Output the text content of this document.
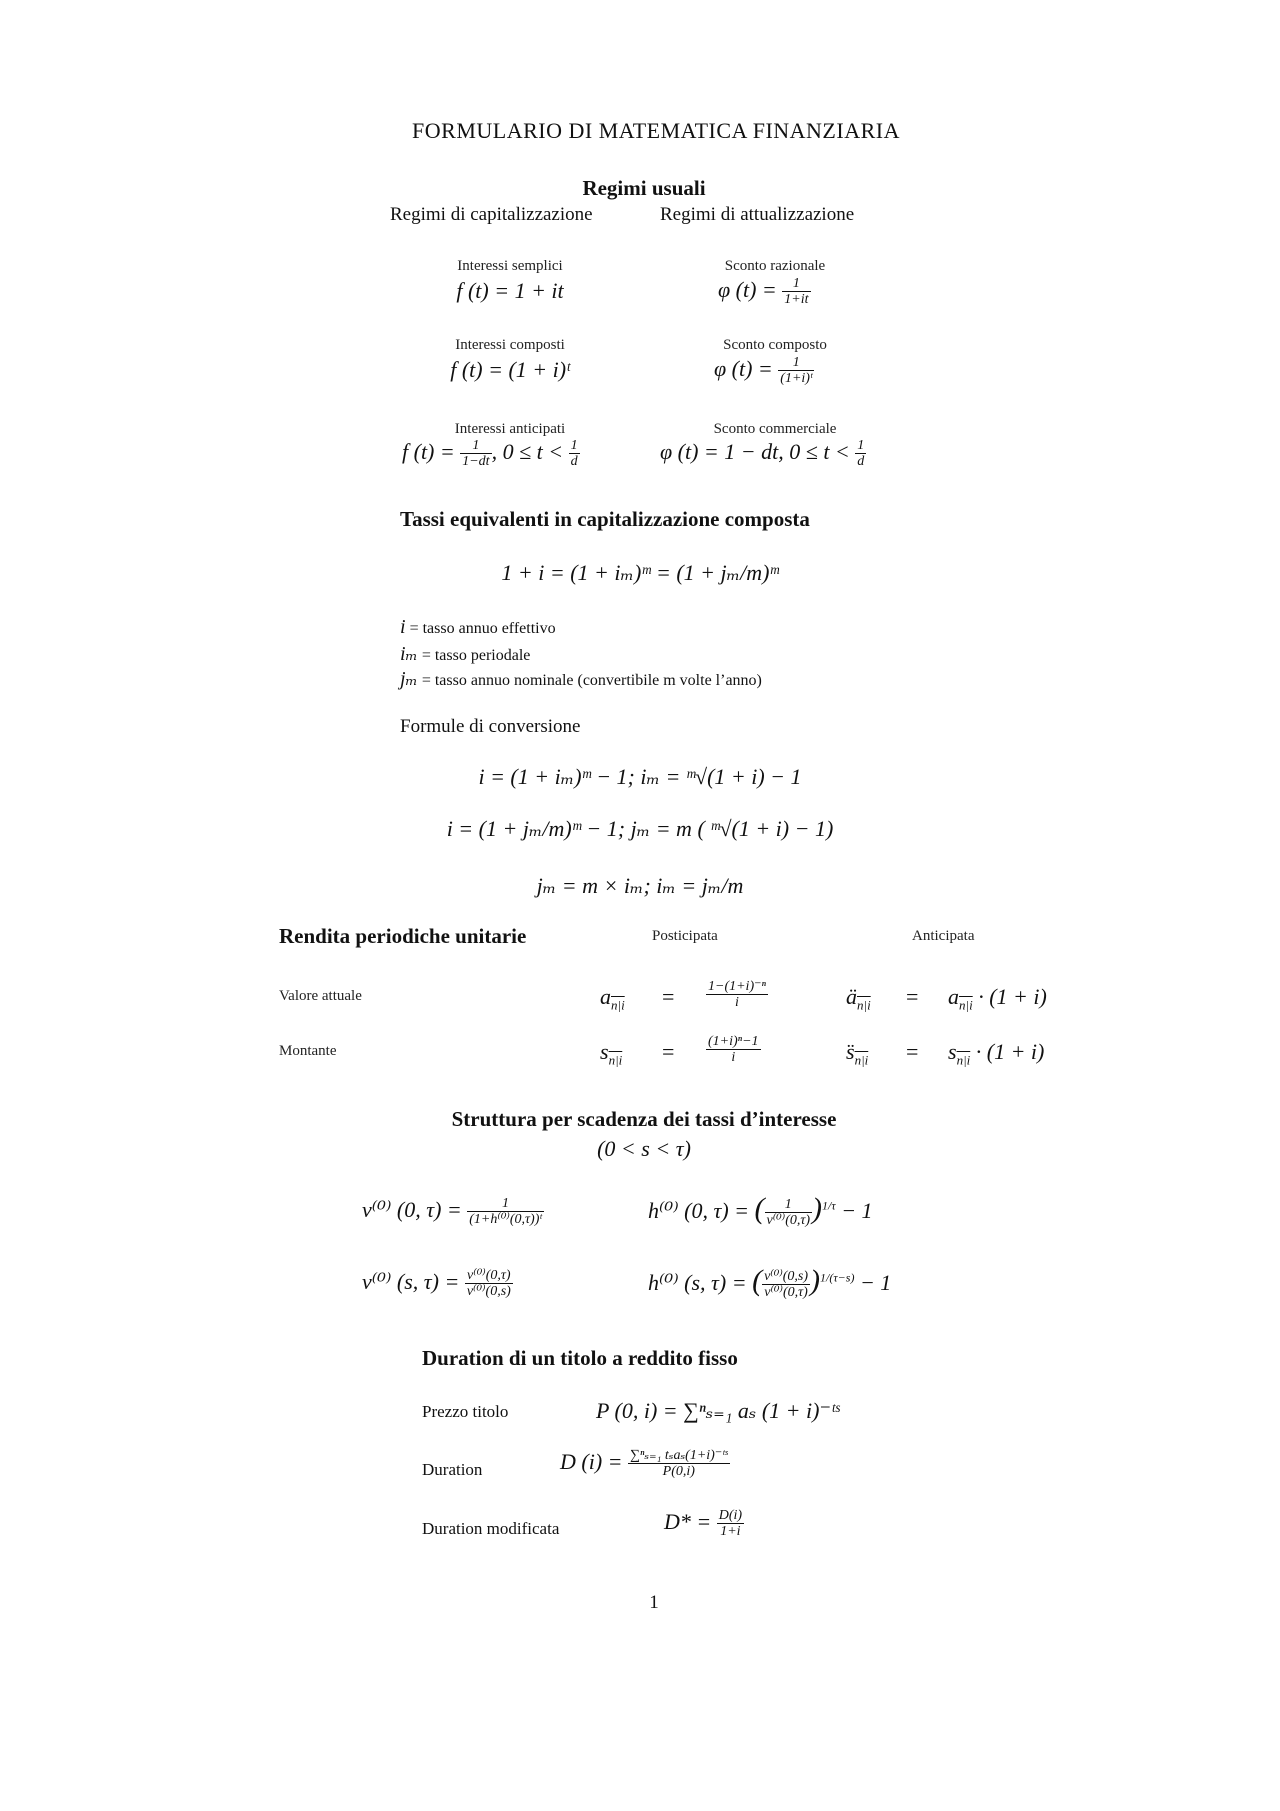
FORMULARIO DI MATEMATICA FINANZIARIA
Regimi usuali
Regimi di capitalizzazione	Regimi di attualizzazione
Interessi semplici
f (t) = 1 + it
Sconto razionale
φ $(t) = \frac{1}{1+it}$
Interessi composti
f (t) = (1 + i)ᵗ
Sconto composto
φ $(t) = \frac{1}{\text{(1+i)ᵗ}}$
Interessi anticipati
f $(t) = \frac{1}{1-dt}$ , $0 \le t < \frac{1}{d}$
Sconto commerciale
φ (t) = 1 − dt, $0 \le t < \frac{1}{d}$
Tassi equivalenti in capitalizzazione composta
1 + i = (1 + iₘ)ᵐ = (1 + jₘ/m)ᵐ
i = tasso annuo effettivo
iₘ = tasso periodale
jₘ = tasso annuo nominale (convertibile m volte l’anno)
Formule di conversione
i = (1 + iₘ)ᵐ − 1; iₘ = ᵐ√(1 + i) − 1
i = (1 + jₘ/m)ᵐ − 1; jₘ = m ( ᵐ√(1 + i) − 1)
jₘ = m × iₘ; iₘ = jₘ/m
Rendita periodiche unitarie	Posticipata	Anticipata
Valore attuale	$a_{n|i} = \frac{\text{1−(1+i)⁻ⁿ}}{i}$	$ä_{n|i} = a_{n|i} \cdot (1 + i)$
Montante	$s_{n|i} = \frac{\text{(1+i)ⁿ−1}}{i}$	$s̈_{n|i} = s_{n|i} \cdot (1 + i)$
Struttura per scadenza dei tassi d’interesse
(0 < s < τ)
v⁽⁰⁾ (0, $\tau) = \frac{1}{\text{(1+h⁽⁰⁾(0,τ))ᵗ}}$	h⁽⁰⁾ (0, τ) = ( $\frac{1}{\text{v⁽⁰⁾(0,τ)}} )^{1/\tau} - 1$
v⁽⁰⁾ (s, $\tau) = \frac{\text{v⁽⁰⁾(0,τ)}}{\text{v⁽⁰⁾(0,s)}}$	h⁽⁰⁾ (s, τ) = ( $\frac{\text{v⁽⁰⁾(0,s)}}{\text{v⁽⁰⁾(0,τ)}} )^{1/(\tau-s)} - 1$
Duration di un titolo a reddito fisso
Prezzo titolo	P (0, i) = ∑ⁿₛ₌₁ aₛ (1 + i)⁻ᵗˢ
Duration	D $(i) = \frac{\text{∑ⁿₛ₌₁ tₛaₛ(1+i)⁻ᵗˢ}}{P(0,i)}$
Duration modificata	$D* = \frac{D(i)}{1+i}$
1
